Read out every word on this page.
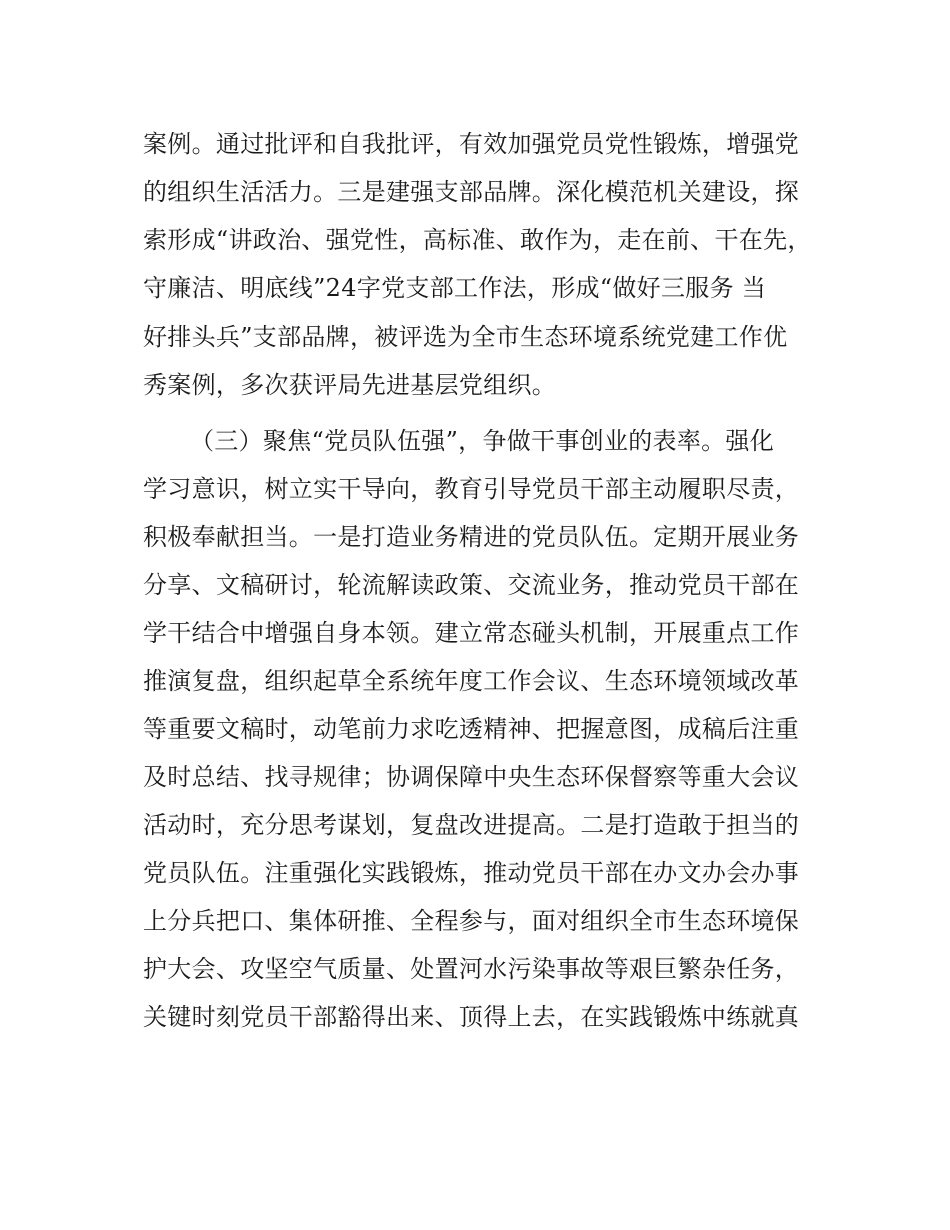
案例。通过批评和自我批评，有效加强党员党性锻炼，增强党
的组织生活活力。三是建强支部品牌。深化模范机关建设，探
索形成“讲政治、强党性，高标准、敢作为，走在前、干在先，
守廉洁、明底线”24字党支部工作法，形成“做好三服务 当
好排头兵”支部品牌，被评选为全市生态环境系统党建工作优
秀案例，多次获评局先进基层党组织。
（三）聚焦“党员队伍强”，争做干事创业的表率。强化
学习意识，树立实干导向，教育引导党员干部主动履职尽责，
积极奉献担当。一是打造业务精进的党员队伍。定期开展业务
分享、文稿研讨，轮流解读政策、交流业务，推动党员干部在
学干结合中增强自身本领。建立常态碰头机制，开展重点工作
推演复盘，组织起草全系统年度工作会议、生态环境领域改革
等重要文稿时，动笔前力求吃透精神、把握意图，成稿后注重
及时总结、找寻规律；协调保障中央生态环保督察等重大会议
活动时，充分思考谋划，复盘改进提高。二是打造敢于担当的
党员队伍。注重强化实践锻炼，推动党员干部在办文办会办事
上分兵把口、集体研推、全程参与，面对组织全市生态环境保
护大会、攻坚空气质量、处置河水污染事故等艰巨繁杂任务，
关键时刻党员干部豁得出来、顶得上去，在实践锻炼中练就真
